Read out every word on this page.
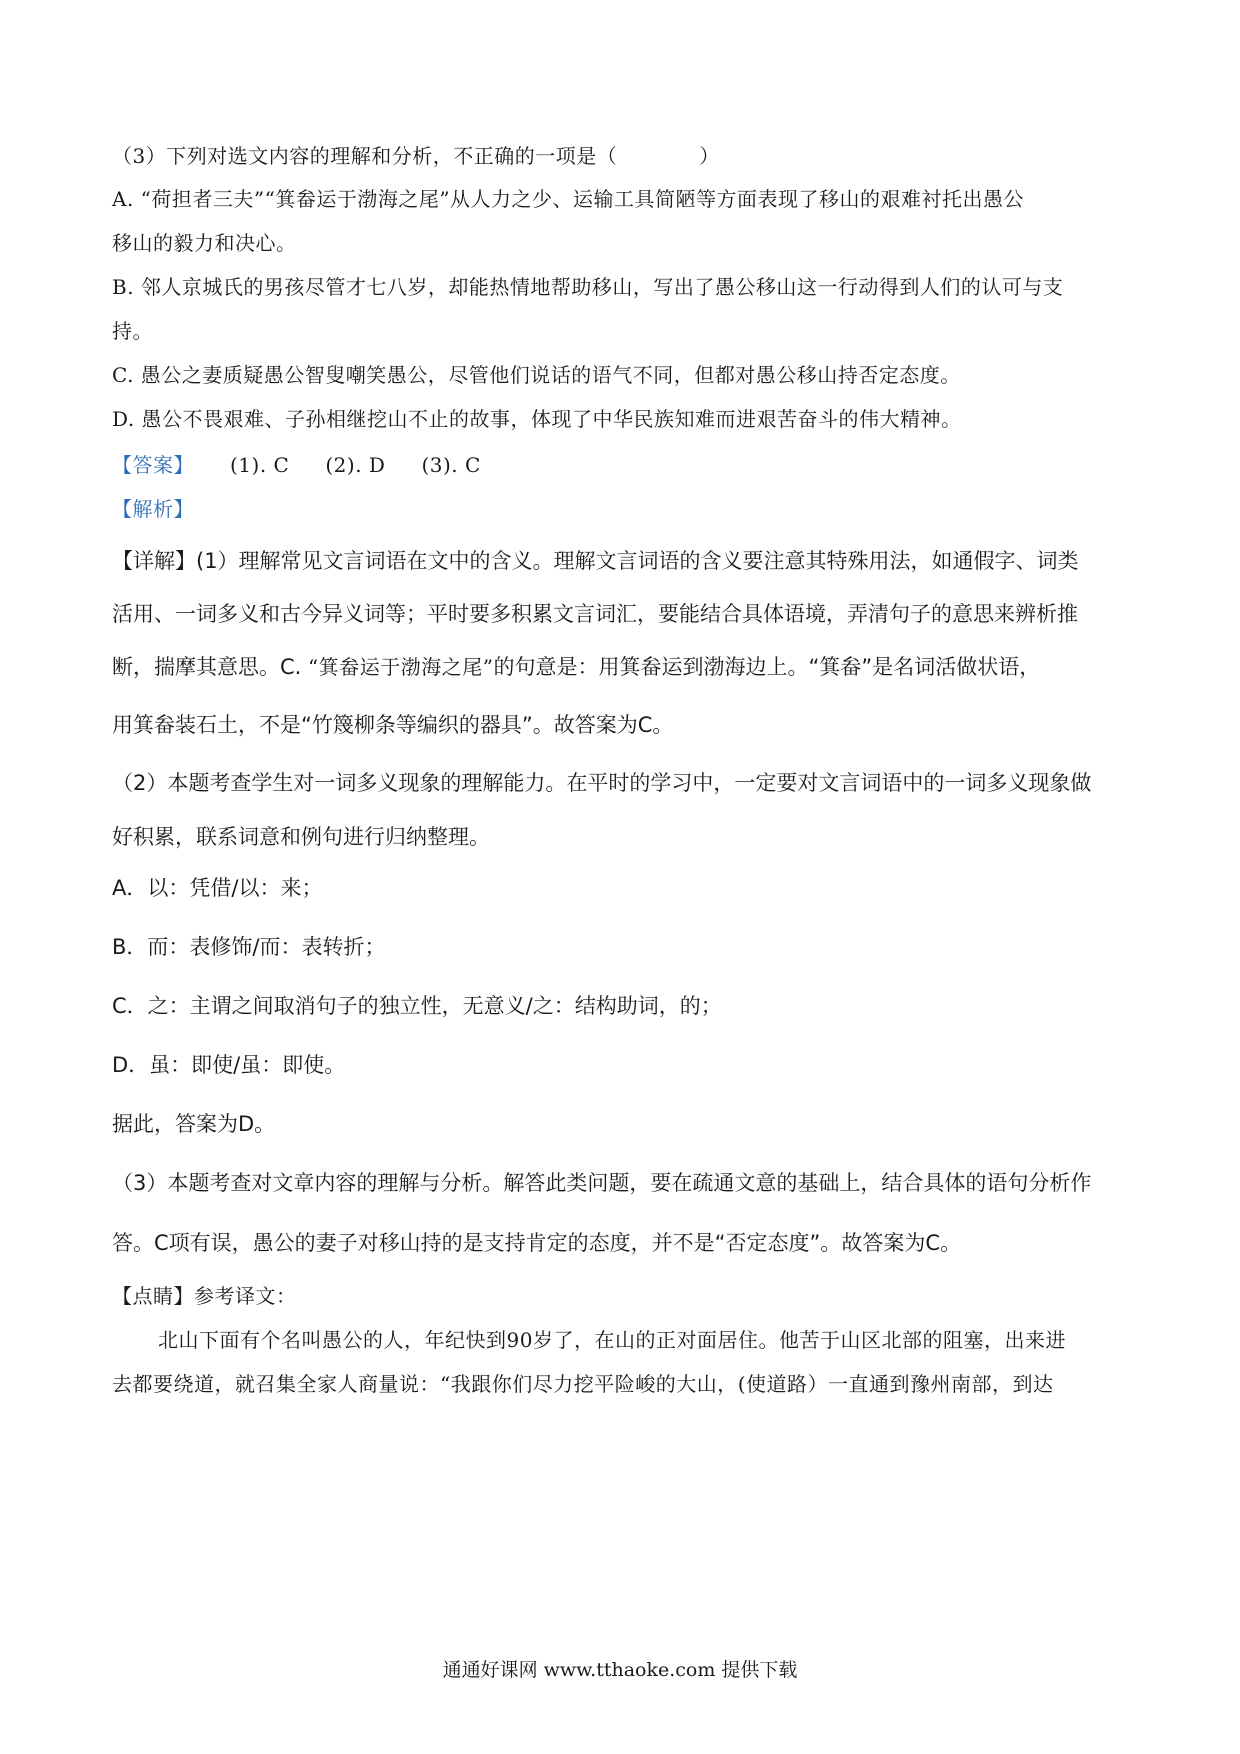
（3）下列对选文内容的理解和分析，不正确的一项是（	）
A. “荷担者三夫”“箕畚运于渤海之尾”从人力之少、运输工具简陋等方面表现了移山的艰难衬托出愚公
移山的毅力和决心。
B. 邻人京城氏的男孩尽管才七八岁，却能热情地帮助移山，写出了愚公移山这一行动得到人们的认可与支
持。
C. 愚公之妻质疑愚公智叟嘲笑愚公，尽管他们说话的语气不同，但都对愚公移山持否定态度。
D. 愚公不畏艰难、子孙相继挖山不止的故事，体现了中华民族知难而进艰苦奋斗的伟大精神。
【答案】 (1). C (2). D (3). C
【解析】
【详解】(1）理解常见文言词语在文中的含义。理解文言词语的含义要注意其特殊用法，如通假字、词类
活用、一词多义和古今异义词等；平时要多积累文言词汇，要能结合具体语境，弄清句子的意思来辨析推
断，揣摩其意思。C. “箕畚运于渤海之尾”的句意是：用箕畚运到渤海边上。“箕畚”是名词活做状语，
用箕畚装石土，不是“竹篾柳条等编织的器具”。故答案为C。
（2）本题考查学生对一词多义现象的理解能力。在平时的学习中，一定要对文言词语中的一词多义现象做
好积累，联系词意和例句进行归纳整理。
A．以：凭借/以：来；
B．而：表修饰/而：表转折；
C．之：主谓之间取消句子的独立性，无意义/之：结构助词，的；
D．虽：即使/虽：即使。
据此，答案为D。
（3）本题考查对文章内容的理解与分析。解答此类问题，要在疏通文意的基础上，结合具体的语句分析作
答。C项有误，愚公的妻子对移山持的是支持肯定的态度，并不是“否定态度”。故答案为C。
【点睛】参考译文：
北山下面有个名叫愚公的人，年纪快到90岁了，在山的正对面居住。他苦于山区北部的阻塞，出来进
去都要绕道，就召集全家人商量说：“我跟你们尽力挖平险峻的大山，(使道路）一直通到豫州南部，到达
通通好课网 www.tthaoke.com 提供下载
